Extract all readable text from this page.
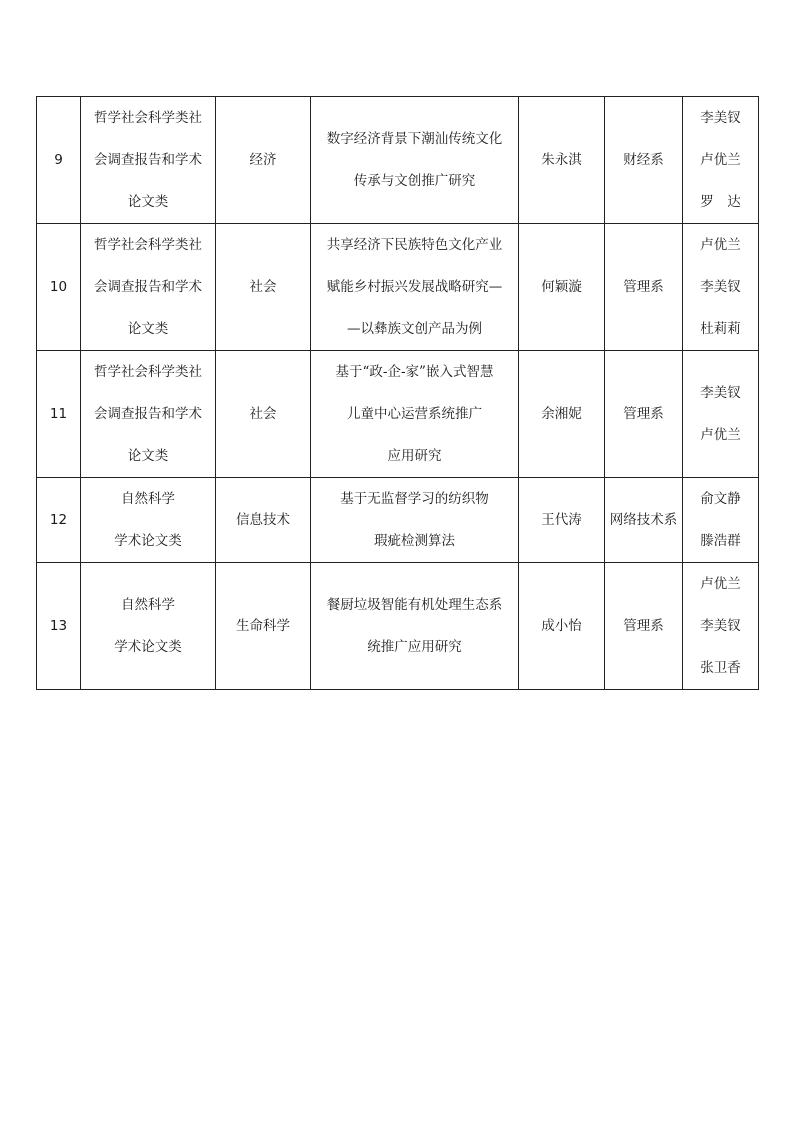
9	哲学社会科学类社
会调查报告和学术
论文类	经济	数字经济背景下潮汕传统文化
传承与文创推广研究	朱永淇	财经系	李美钗
卢优兰
罗　达

10	哲学社会科学类社
会调查报告和学术
论文类	社会	共享经济下民族特色文化产业
赋能乡村振兴发展战略研究—
—以彝族文创产品为例	何颖漩	管理系	卢优兰
李美钗
杜莉莉

11	哲学社会科学类社
会调查报告和学术
论文类	社会	基于“政-企-家”嵌入式智慧
儿童中心运营系统推广
应用研究	余湘妮	管理系	李美钗
卢优兰

12	自然科学
学术论文类	信息技术	基于无监督学习的纺织物
瑕疵检测算法	王代涛	网络技术系	俞文静
滕浩群

13	自然科学
学术论文类	生命科学	餐厨垃圾智能有机处理生态系
统推广应用研究	成小怡	管理系	卢优兰
李美钗
张卫香
